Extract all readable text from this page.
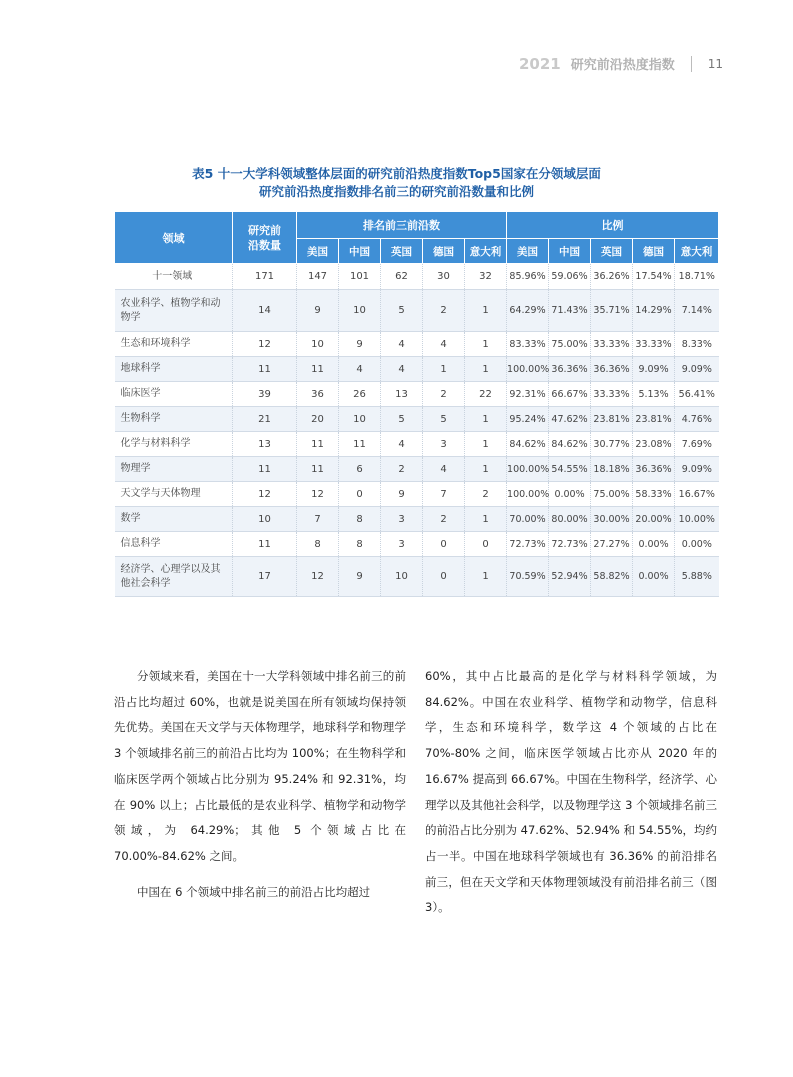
2021 研究前沿热度指数	11
表5 十一大学科领域整体层面的研究前沿热度指数Top5国家在分领域层面
研究前沿热度指数排名前三的研究前沿数量和比例
领域	研究前沿数量	排名前三前沿数					比例				
		美国	中国	英国	德国	意大利	美国	中国	英国	德国	意大利
十一领域	171	147	101	62	30	32	85.96%	59.06%	36.26%	17.54%	18.71%
农业科学、植物学和动物学	14	9	10	5	2	1	64.29%	71.43%	35.71%	14.29%	7.14%
生态和环境科学	12	10	9	4	4	1	83.33%	75.00%	33.33%	33.33%	8.33%
地球科学	11	11	4	4	1	1	100.00%	36.36%	36.36%	9.09%	9.09%
临床医学	39	36	26	13	2	22	92.31%	66.67%	33.33%	5.13%	56.41%
生物科学	21	20	10	5	5	1	95.24%	47.62%	23.81%	23.81%	4.76%
化学与材料科学	13	11	11	4	3	1	84.62%	84.62%	30.77%	23.08%	7.69%
物理学	11	11	6	2	4	1	100.00%	54.55%	18.18%	36.36%	9.09%
天文学与天体物理	12	12	0	9	7	2	100.00%	0.00%	75.00%	58.33%	16.67%
数学	10	7	8	3	2	1	70.00%	80.00%	30.00%	20.00%	10.00%
信息科学	11	8	8	3	0	0	72.73%	72.73%	27.27%	0.00%	0.00%
经济学、心理学以及其他社会科学	17	12	9	10	0	1	70.59%	52.94%	58.82%	0.00%	5.88%

分领域来看，美国在十一大学科领域中排名前三的前沿占比均超过 60%，也就是说美国在所有领域均保持领先优势。美国在天文学与天体物理学，地球科学和物理学 3 个领域排名前三的前沿占比均为 100%；在生物科学和临床医学两个领域占比分别为 95.24% 和 92.31%，均在 90% 以上；占比最低的是农业科学、植物学和动物学领域，为 64.29%；其他 5 个领域占比在 70.00%-84.62% 之间。

中国在 6 个领域中排名前三的前沿占比均超过

60%，其中占比最高的是化学与材料科学领域，为 84.62%。中国在农业科学、植物学和动物学，信息科学，生态和环境科学，数学这 4 个领域的占比在 70%-80% 之间，临床医学领域占比亦从 2020 年的 16.67% 提高到 66.67%。中国在生物科学，经济学、心理学以及其他社会科学，以及物理学这 3 个领域排名前三的前沿占比分别为 47.62%、52.94% 和 54.55%，均约占一半。中国在地球科学领域也有 36.36% 的前沿排名前三，但在天文学和天体物理领域没有前沿排名前三（图 3）。
